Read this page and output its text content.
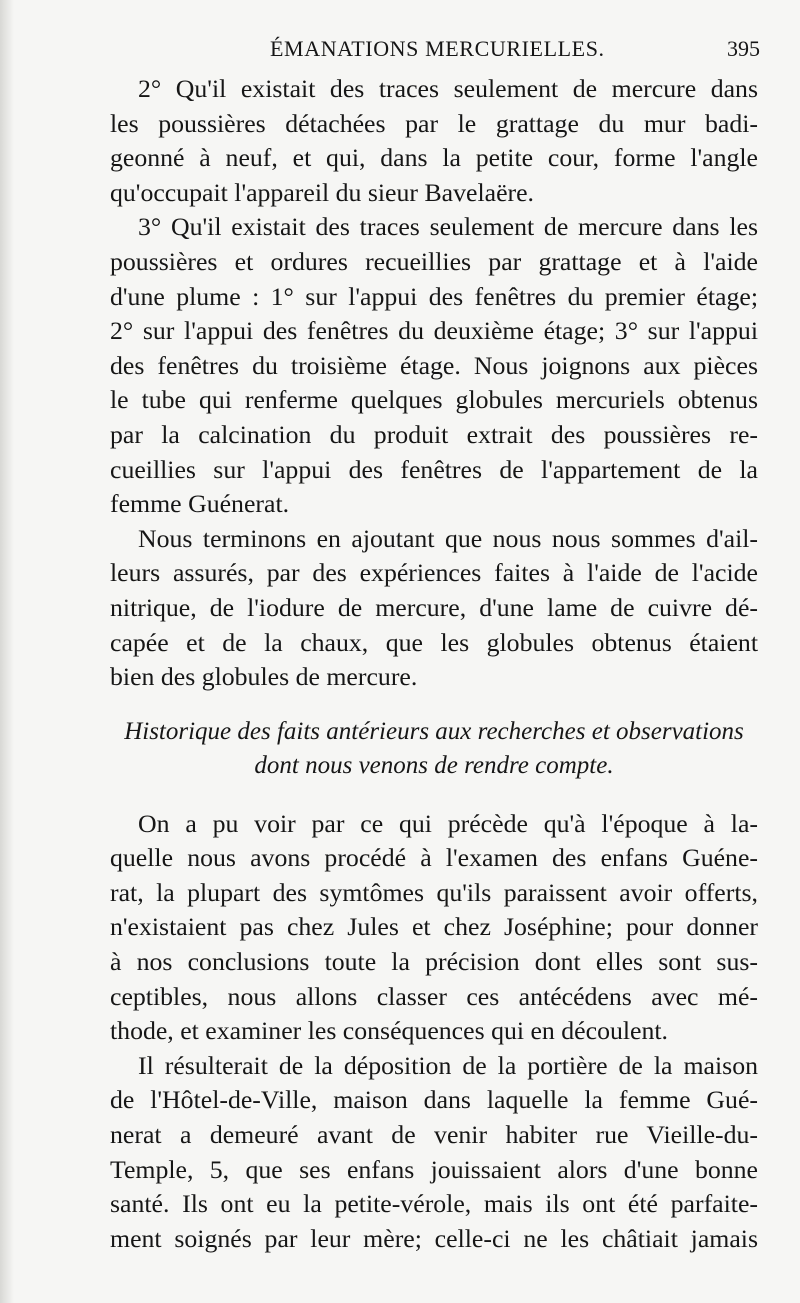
ÉMANATIONS MERCURIELLES.	395
2° Qu'il existait des traces seulement de mercure dans
les poussières détachées par le grattage du mur badi-
geonné à neuf, et qui, dans la petite cour, forme l'angle
qu'occupait l'appareil du sieur Bavelaëre.
3° Qu'il existait des traces seulement de mercure dans les
poussières et ordures recueillies par grattage et à l'aide
d'une plume : 1° sur l'appui des fenêtres du premier étage;
2° sur l'appui des fenêtres du deuxième étage; 3° sur l'appui
des fenêtres du troisième étage. Nous joignons aux pièces
le tube qui renferme quelques globules mercuriels obtenus
par la calcination du produit extrait des poussières re-
cueillies sur l'appui des fenêtres de l'appartement de la
femme Guénerat.
Nous terminons en ajoutant que nous nous sommes d'ail-
leurs assurés, par des expériences faites à l'aide de l'acide
nitrique, de l'iodure de mercure, d'une lame de cuivre dé-
capée et de la chaux, que les globules obtenus étaient
bien des globules de mercure.
Historique des faits antérieurs aux recherches et observations
dont nous venons de rendre compte.
On a pu voir par ce qui précède qu'à l'époque à la-
quelle nous avons procédé à l'examen des enfans Guéne-
rat, la plupart des symtômes qu'ils paraissent avoir offerts,
n'existaient pas chez Jules et chez Joséphine; pour donner
à nos conclusions toute la précision dont elles sont sus-
ceptibles, nous allons classer ces antécédens avec mé-
thode, et examiner les conséquences qui en découlent.
Il résulterait de la déposition de la portière de la maison
de l'Hôtel-de-Ville, maison dans laquelle la femme Gué-
nerat a demeuré avant de venir habiter rue Vieille-du-
Temple, 5, que ses enfans jouissaient alors d'une bonne
santé. Ils ont eu la petite-vérole, mais ils ont été parfaite-
ment soignés par leur mère; celle-ci ne les châtiait jamais
